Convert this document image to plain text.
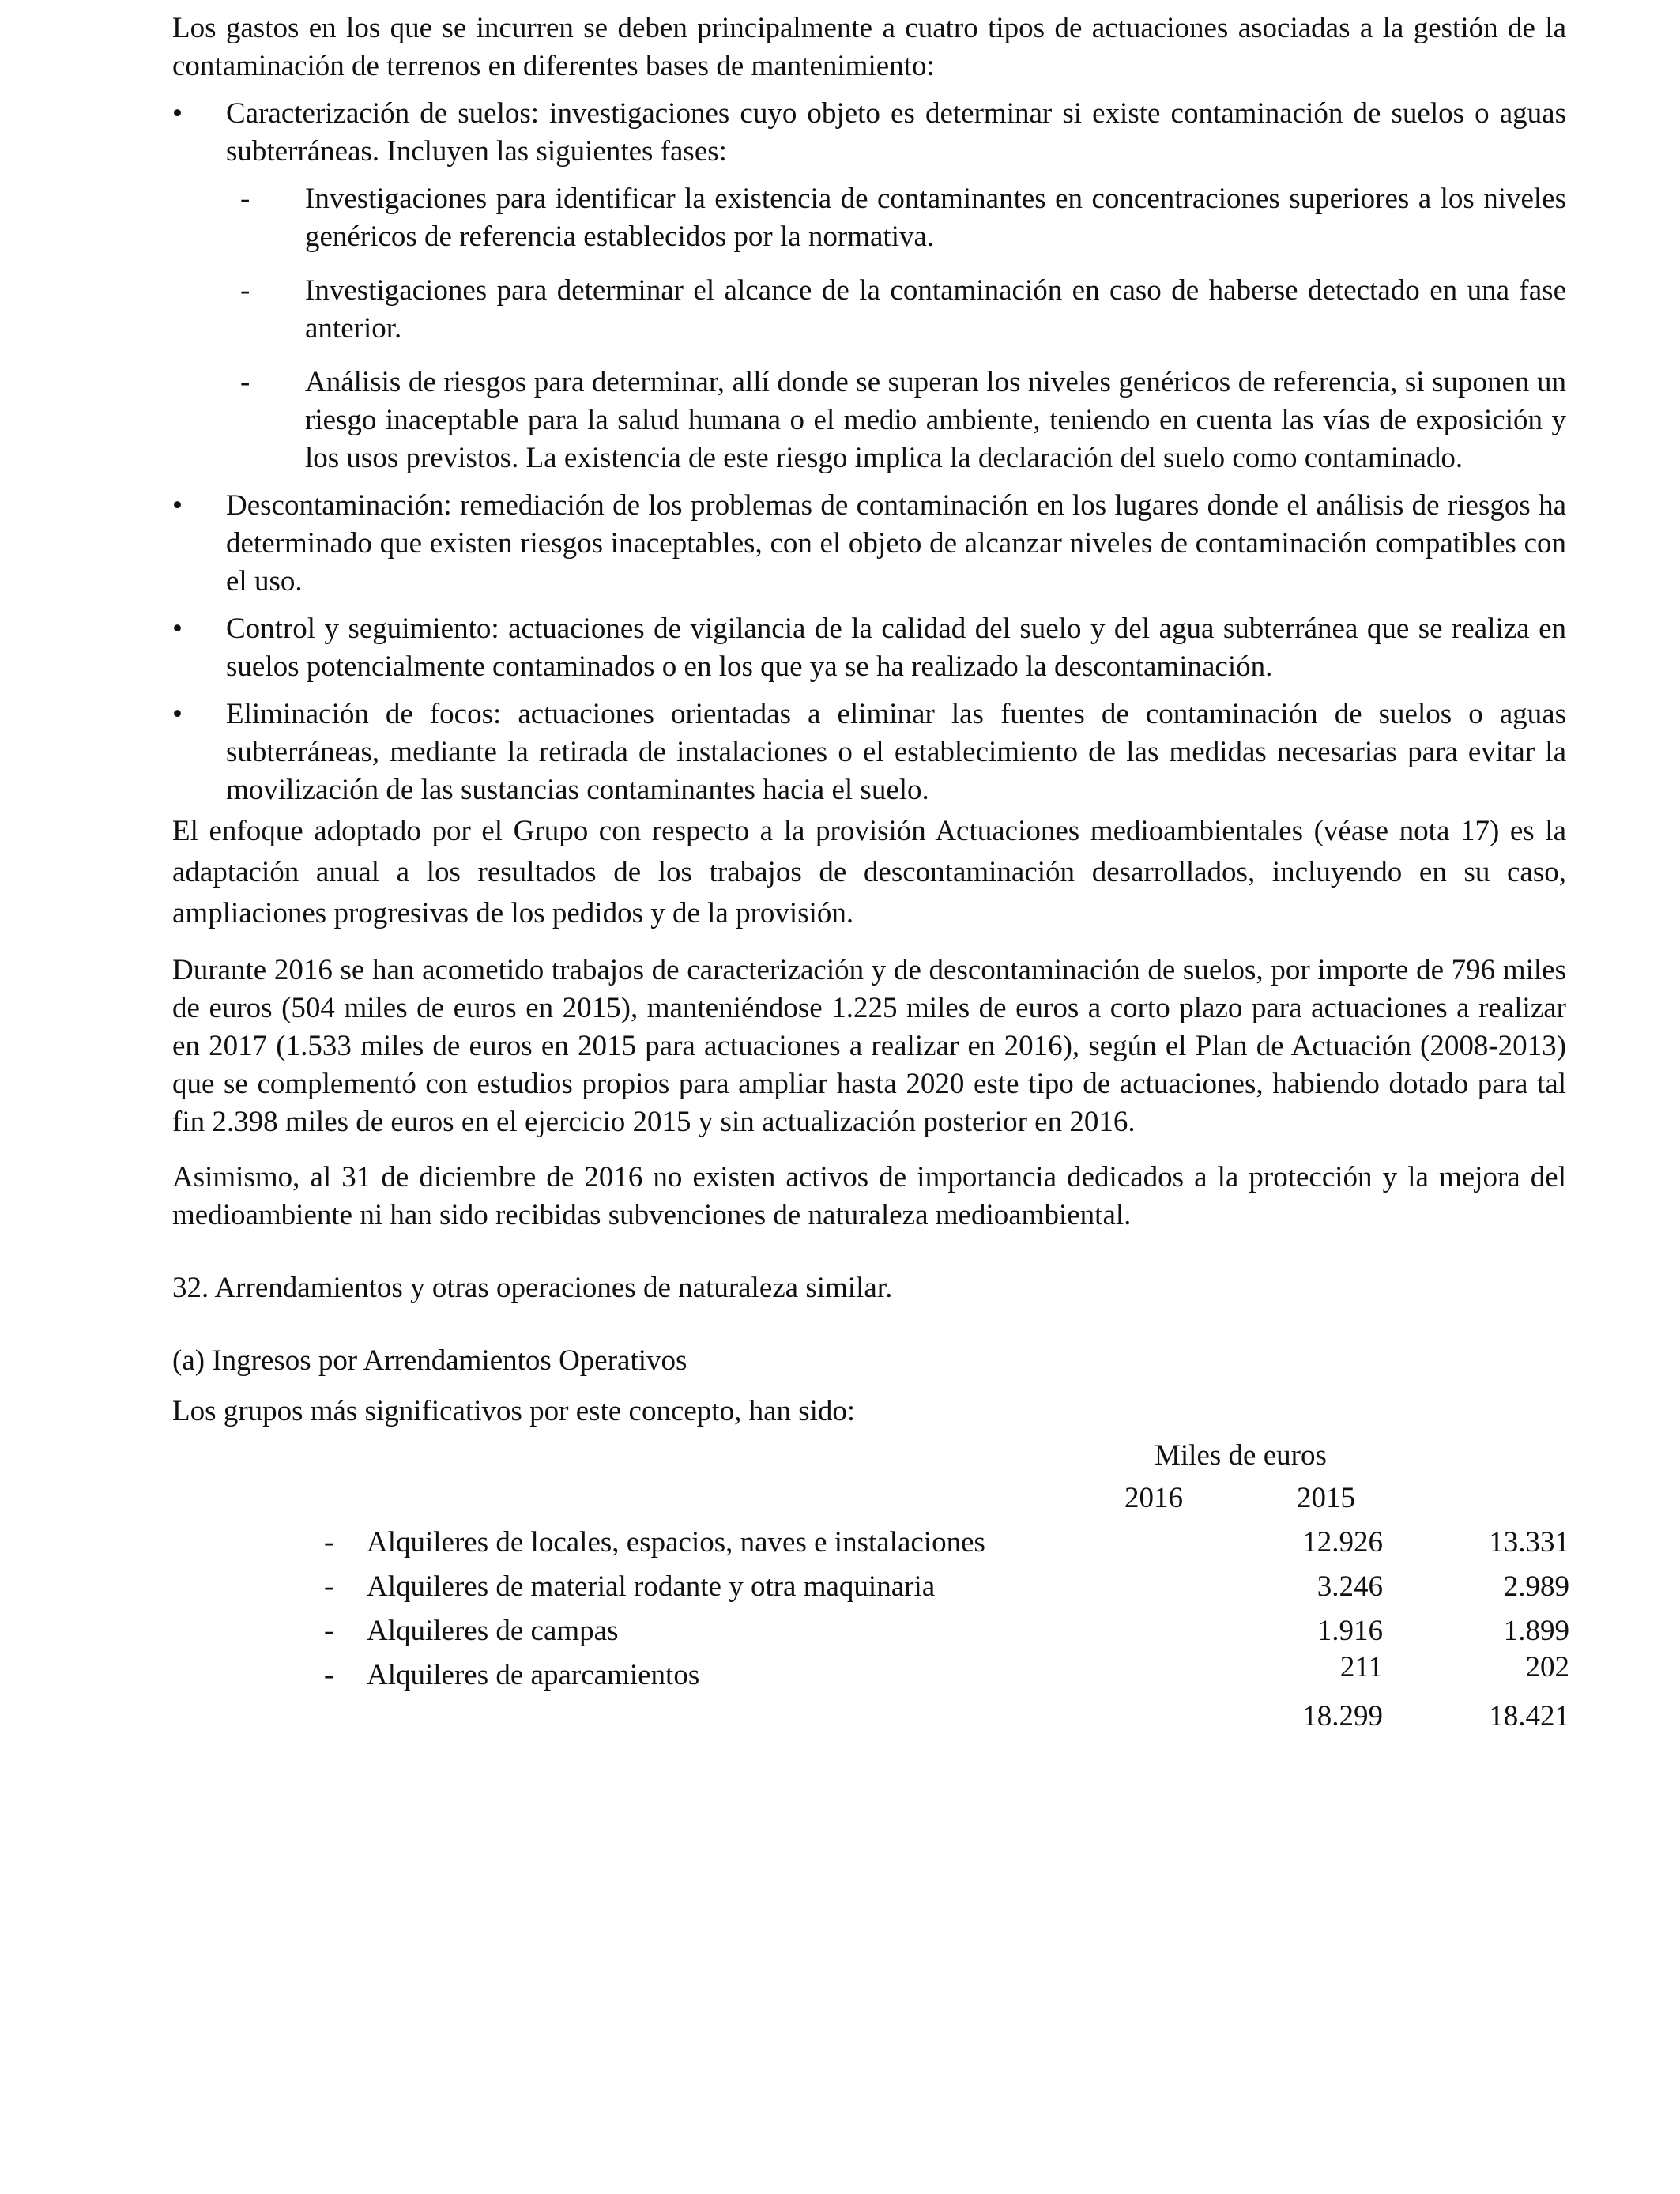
Los gastos en los que se incurren se deben principalmente a cuatro tipos de actuaciones asociadas a la gestión de la contaminación de terrenos en diferentes bases de mantenimiento:

• Caracterización de suelos: investigaciones cuyo objeto es determinar si existe contaminación de suelos o aguas subterráneas. Incluyen las siguientes fases:

- Investigaciones para identificar la existencia de contaminantes en concentraciones superiores a los niveles genéricos de referencia establecidos por la normativa.

- Investigaciones para determinar el alcance de la contaminación en caso de haberse detectado en una fase anterior.

- Análisis de riesgos para determinar, allí donde se superan los niveles genéricos de referencia, si suponen un riesgo inaceptable para la salud humana o el medio ambiente, teniendo en cuenta las vías de exposición y los usos previstos. La existencia de este riesgo implica la declaración del suelo como contaminado.

• Descontaminación: remediación de los problemas de contaminación en los lugares donde el análisis de riesgos ha determinado que existen riesgos inaceptables, con el objeto de alcanzar niveles de contaminación compatibles con el uso.

• Control y seguimiento: actuaciones de vigilancia de la calidad del suelo y del agua subterránea que se realiza en suelos potencialmente contaminados o en los que ya se ha realizado la descontaminación.

• Eliminación de focos: actuaciones orientadas a eliminar las fuentes de contaminación de suelos o aguas subterráneas, mediante la retirada de instalaciones o el establecimiento de las medidas necesarias para evitar la movilización de las sustancias contaminantes hacia el suelo.

El enfoque adoptado por el Grupo con respecto a la provisión Actuaciones medioambientales (véase nota 17) es la adaptación anual a los resultados de los trabajos de descontaminación desarrollados, incluyendo en su caso, ampliaciones progresivas de los pedidos y de la provisión.

Durante 2016 se han acometido trabajos de caracterización y de descontaminación de suelos, por importe de 796 miles de euros (504 miles de euros en 2015), manteniéndose 1.225 miles de euros a corto plazo para actuaciones a realizar en 2017 (1.533 miles de euros en 2015 para actuaciones a realizar en 2016), según el Plan de Actuación (2008-2013) que se complementó con estudios propios para ampliar hasta 2020 este tipo de actuaciones, habiendo dotado para tal fin 2.398 miles de euros en el ejercicio 2015 y sin actualización posterior en 2016.

Asimismo, al 31 de diciembre de 2016 no existen activos de importancia dedicados a la protección y la mejora del medioambiente ni han sido recibidas subvenciones de naturaleza medioambiental.

32. Arrendamientos y otras operaciones de naturaleza similar.

(a) Ingresos por Arrendamientos Operativos

Los grupos más significativos por este concepto, han sido:

Miles de euros
2016	2015
- Alquileres de locales, espacios, naves e instalaciones	12.926	13.331
- Alquileres de material rodante y otra maquinaria	3.246	2.989
- Alquileres de campas	1.916	1.899
- Alquileres de aparcamientos	211	202
18.299	18.421
